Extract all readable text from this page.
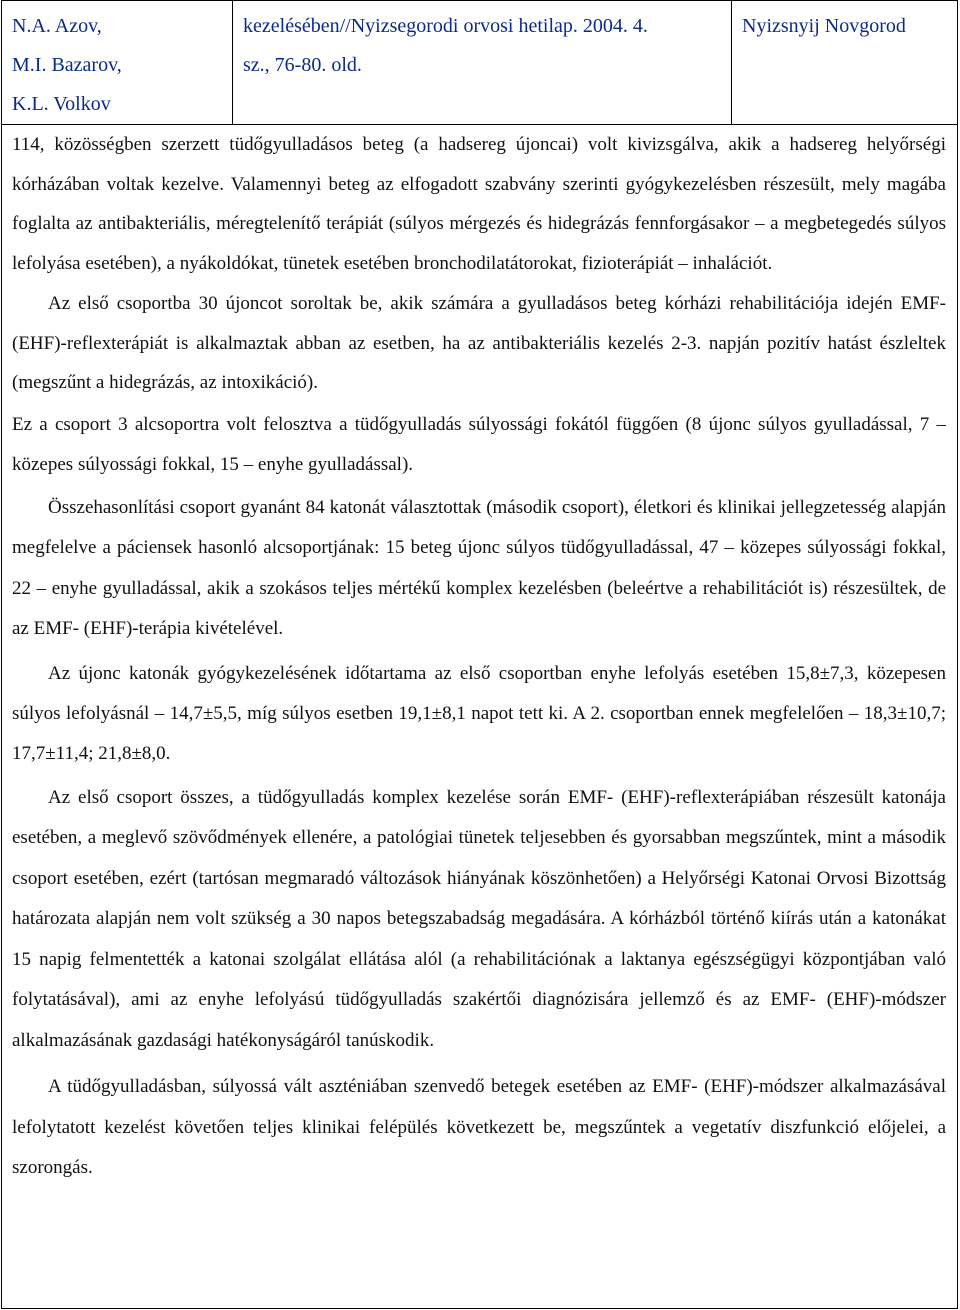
N.A. Azov,
M.I. Bazarov,
K.L. Volkov

kezelésében//Nyizsegorodi orvosi hetilap. 2004. 4.
sz., 76-80. old.

Nyizsnyij Novgorod

114, közösségben szerzett tüdőgyulladásos beteg (a hadsereg újoncai) volt kivizsgálva, akik a hadsereg helyőrségi kórházában voltak kezelve. Valamennyi beteg az elfogadott szabvány szerinti gyógykezelésben részesült, mely magába foglalta az antibakteriális, méregtelenítő terápiát (súlyos mérgezés és hidegrázás fennforgásakor – a megbetegedés súlyos lefolyása esetében), a nyákoldókat, tünetek esetében bronchodilatátorokat, fizioterápiát – inhalációt.

Az első csoportba 30 újoncot soroltak be, akik számára a gyulladásos beteg kórházi rehabilitációja idején EMF- (EHF)-reflexterápiát is alkalmaztak abban az esetben, ha az antibakteriális kezelés 2-3. napján pozitív hatást észleltek (megszűnt a hidegrázás, az intoxikáció).

Ez a csoport 3 alcsoportra volt felosztva a tüdőgyulladás súlyossági fokától függően (8 újonc súlyos gyulladással, 7 – közepes súlyossági fokkal, 15 – enyhe gyulladással).

Összehasonlítási csoport gyanánt 84 katonát választottak (második csoport), életkori és klinikai jellegzetesség alapján megfelelve a páciensek hasonló alcsoportjának: 15 beteg újonc súlyos tüdőgyulladással, 47 – közepes súlyossági fokkal, 22 – enyhe gyulladással, akik a szokásos teljes mértékű komplex kezelésben (beleértve a rehabilitációt is) részesültek, de az EMF- (EHF)-terápia kivételével.

Az újonc katonák gyógykezelésének időtartama az első csoportban enyhe lefolyás esetében 15,8±7,3, közepesen súlyos lefolyásnál – 14,7±5,5, míg súlyos esetben 19,1±8,1 napot tett ki. A 2. csoportban ennek megfelelően – 18,3±10,7; 17,7±11,4; 21,8±8,0.

Az első csoport összes, a tüdőgyulladás komplex kezelése során EMF- (EHF)-reflexterápiában részesült katonája esetében, a meglevő szövődmények ellenére, a patológiai tünetek teljesebben és gyorsabban megszűntek, mint a második csoport esetében, ezért (tartósan megmaradó változások hiányának köszönhetően) a Helyőrségi Katonai Orvosi Bizottság határozata alapján nem volt szükség a 30 napos betegszabadság megadására. A kórházból történő kiírás után a katonákat 15 napig felmentették a katonai szolgálat ellátása alól (a rehabilitációnak a laktanya egészségügyi központjában való folytatásával), ami az enyhe lefolyású tüdőgyulladás szakértői diagnózisára jellemző és az EMF- (EHF)-módszer alkalmazásának gazdasági hatékonyságáról tanúskodik.

A tüdőgyulladásban, súlyossá vált aszténiában szenvedő betegek esetében az EMF- (EHF)-módszer alkalmazásával lefolytatott kezelést követően teljes klinikai felépülés következett be, megszűntek a vegetatív diszfunkció előjelei, a szorongás.
